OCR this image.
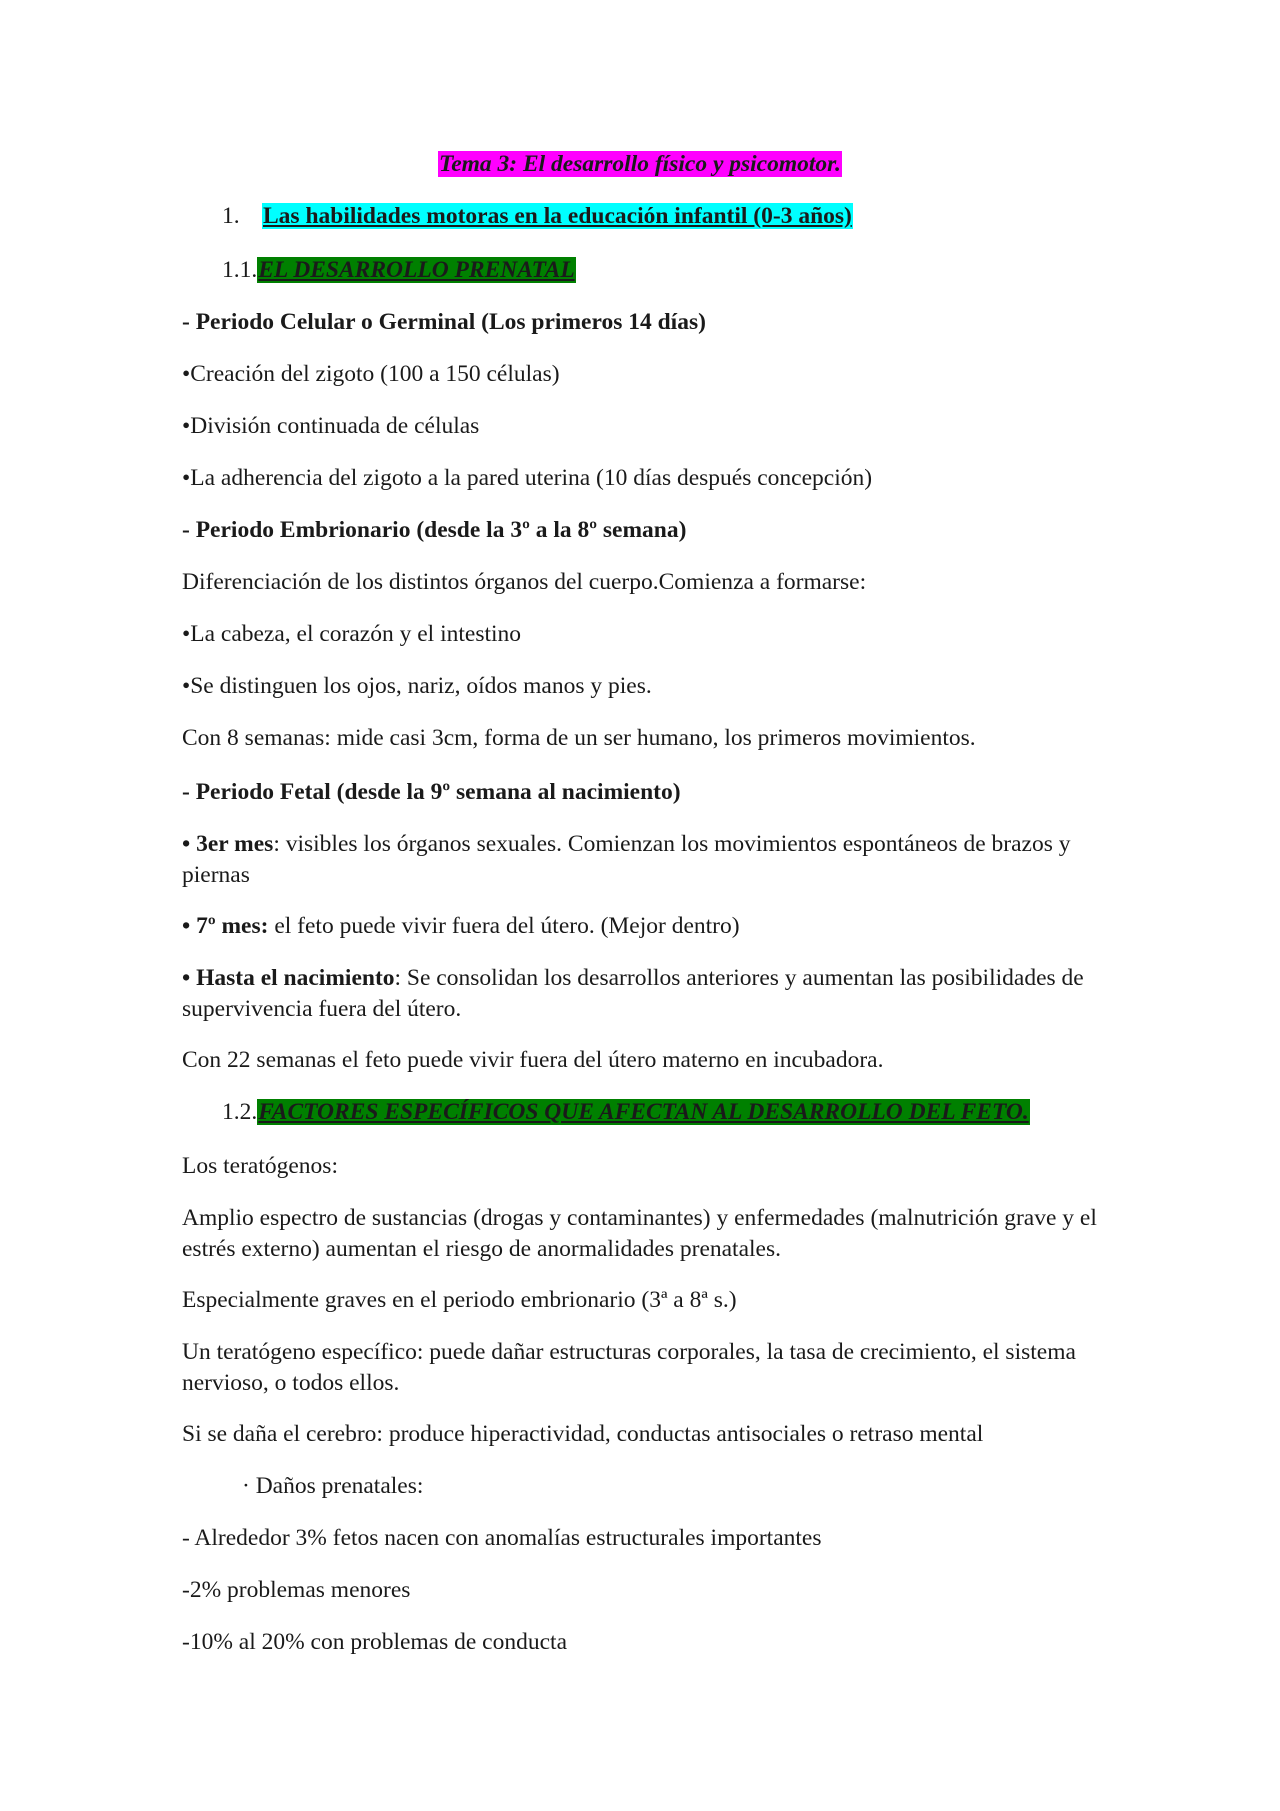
Tema 3: El desarrollo físico y psicomotor.
1. Las habilidades motoras en la educación infantil (0-3 años)
1.1.EL DESARROLLO PRENATAL
- Periodo Celular o Germinal (Los primeros 14 días)
•Creación del zigoto (100 a 150 células)
•División continuada de células
•La adherencia del zigoto a la pared uterina (10 días después concepción)
- Periodo Embrionario (desde la 3º a la 8º semana)
Diferenciación de los distintos órganos del cuerpo.Comienza a formarse:
•La cabeza, el corazón y el intestino
•Se distinguen los ojos, nariz, oídos manos y pies.
Con 8 semanas: mide casi 3cm, forma de un ser humano, los primeros movimientos.
- Periodo Fetal (desde la 9º semana al nacimiento)
• 3er mes: visibles los órganos sexuales. Comienzan los movimientos espontáneos de brazos y piernas
• 7º mes: el feto puede vivir fuera del útero. (Mejor dentro)
• Hasta el nacimiento: Se consolidan los desarrollos anteriores y aumentan las posibilidades de supervivencia fuera del útero.
Con 22 semanas el feto puede vivir fuera del útero materno en incubadora.
1.2.FACTORES ESPECÍFICOS QUE AFECTAN AL DESARROLLO DEL FETO.
Los teratógenos:
Amplio espectro de sustancias (drogas y contaminantes) y enfermedades (malnutrición grave y el estrés externo) aumentan el riesgo de anormalidades prenatales.
Especialmente graves en el periodo embrionario (3ª a 8ª s.)
Un teratógeno específico: puede dañar estructuras corporales, la tasa de crecimiento, el sistema nervioso, o todos ellos.
Si se daña el cerebro: produce hiperactividad, conductas antisociales o retraso mental
· Daños prenatales:
- Alrededor 3% fetos nacen con anomalías estructurales importantes
-2% problemas menores
-10% al 20% con problemas de conducta
